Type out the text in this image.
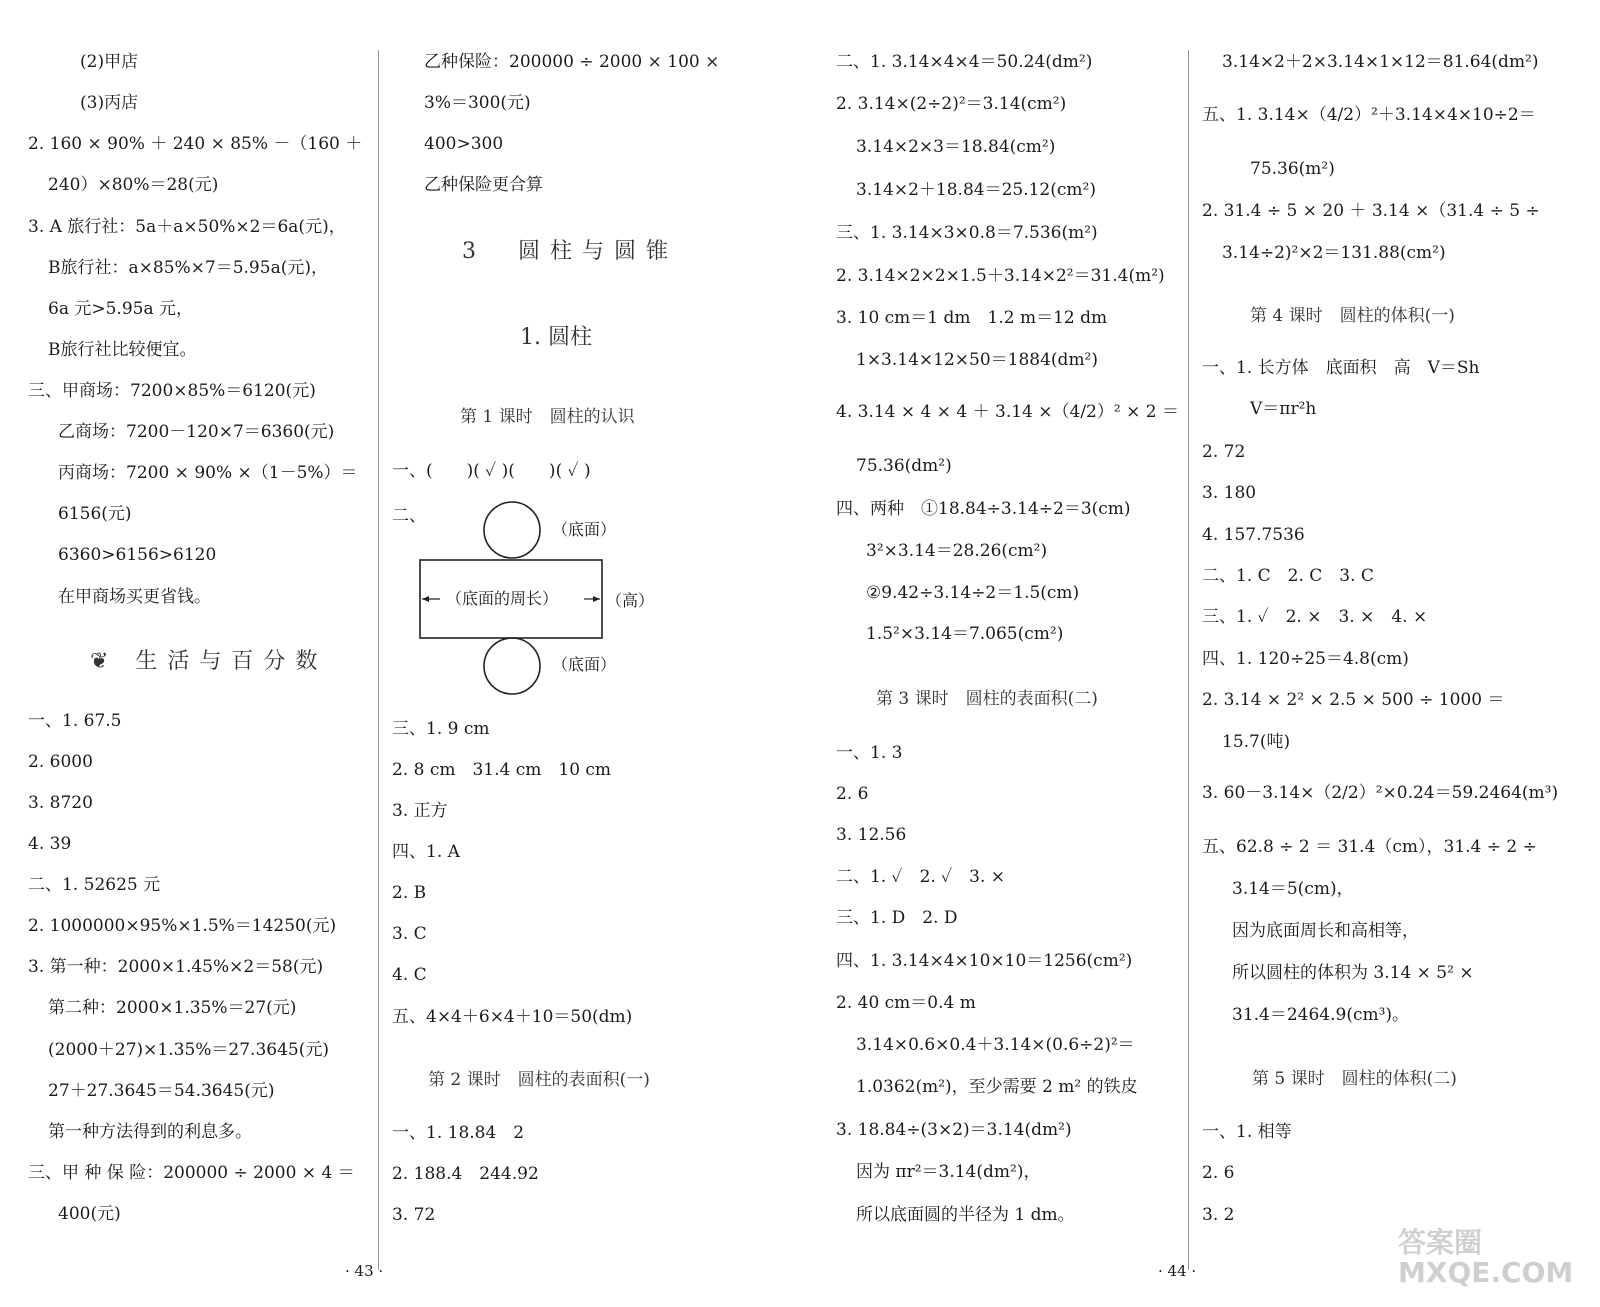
(2)甲店
(3)丙店
2. 160 × 90% ＋ 240 × 85% －（160 ＋
240）×80%＝28(元)
3. A 旅行社：5a＋a×50%×2＝6a(元)，
B旅行社：a×85%×7＝5.95a(元)，
6a 元>5.95a 元，
B旅行社比较便宜。
三、甲商场：7200×85%＝6120(元)
乙商场：7200－120×7＝6360(元)
丙商场：7200 × 90% ×（1－5%）＝
6156(元)
6360>6156>6120
在甲商场买更省钱。
❦ 生活与百分数
一、1. 67.5
2. 6000
3. 8720
4. 39
二、1. 52625 元
2. 1000000×95%×1.5%＝14250(元)
3. 第一种：2000×1.45%×2＝58(元)
第二种：2000×1.35%＝27(元)
(2000＋27)×1.35%＝27.3645(元)
27＋27.3645＝54.3645(元)
第一种方法得到的利息多。
三、甲 种 保 险：200000 ÷ 2000 × 4 ＝
400(元)
乙种保险：200000 ÷ 2000 × 100 ×
3%＝300(元)
400>300
乙种保险更合算
3　圆柱与圆锥
1. 圆柱
第 1 课时　圆柱的认识
一、(　　)( ✓ )(　　)( ✓ )
二、
（底面）
（底面的周长）	（高）
（底面）
三、1. 9 cm
2. 8 cm　31.4 cm　10 cm
3. 正方
四、1. A
2. B
3. C
4. C
五、4×4＋6×4＋10＝50(dm)
第 2 课时　圆柱的表面积(一)
一、1. 18.84　2
2. 188.4　244.92
3. 72
· 43 ·
二、1. 3.14×4×4＝50.24(dm²)
2. 3.14×(2÷2)²＝3.14(cm²)
3.14×2×3＝18.84(cm²)
3.14×2＋18.84＝25.12(cm²)
三、1. 3.14×3×0.8＝7.536(m²)
2. 3.14×2×2×1.5＋3.14×2²＝31.4(m²)
3. 10 cm＝1 dm　1.2 m＝12 dm
1×3.14×12×50＝1884(dm²)
4. 3.14 × 4 × 4 ＋ 3.14 ×（4/2）² × 2 ＝
75.36(dm²)
四、两种　①18.84÷3.14÷2＝3(cm)
3²×3.14＝28.26(cm²)
②9.42÷3.14÷2＝1.5(cm)
1.5²×3.14＝7.065(cm²)
第 3 课时　圆柱的表面积(二)
一、1. 3
2. 6
3. 12.56
二、1. ✓　2. ✓　3. ×
三、1. D　2. D
四、1. 3.14×4×10×10＝1256(cm²)
2. 40 cm＝0.4 m
3.14×0.6×0.4＋3.14×(0.6÷2)²＝
1.0362(m²)，至少需要 2 m² 的铁皮
3. 18.84÷(3×2)＝3.14(dm²)
因为 πr²＝3.14(dm²)，
所以底面圆的半径为 1 dm。
3.14×2＋2×3.14×1×12＝81.64(dm²)
五、1. 3.14×（4/2）²＋3.14×4×10÷2＝
75.36(m²)
2. 31.4 ÷ 5 × 20 ＋ 3.14 ×（31.4 ÷ 5 ÷
3.14÷2)²×2＝131.88(cm²)
第 4 课时　圆柱的体积(一)
一、1. 长方体　底面积　高　V＝Sh
V＝πr²h
2. 72
3. 180
4. 157.7536
二、1. C　2. C　3. C
三、1. ✓　2. ×　3. ×　4. ×
四、1. 120÷25＝4.8(cm)
2. 3.14 × 2² × 2.5 × 500 ÷ 1000 ＝
15.7(吨)
3. 60－3.14×（2/2）²×0.24＝59.2464(m³)
五、62.8 ÷ 2 ＝ 31.4（cm），31.4 ÷ 2 ÷
3.14＝5(cm)，
因为底面周长和高相等，
所以圆柱的体积为 3.14 × 5² ×
31.4＝2464.9(cm³)。
第 5 课时　圆柱的体积(二)
一、1. 相等
2. 6
3. 2
· 44 ·
答案圈 MXQE.COM
